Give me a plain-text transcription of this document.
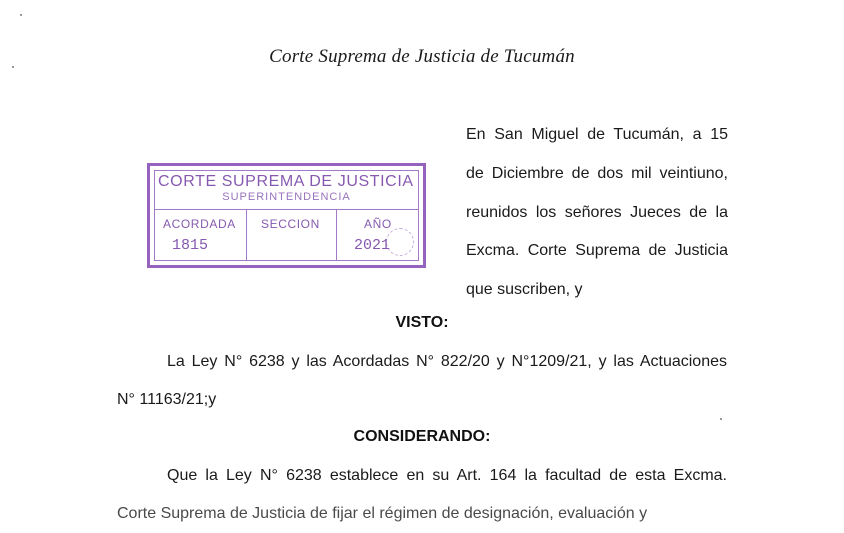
Corte Suprema de Justicia de Tucumán
En San Miguel de Tucumán, a 15
de Diciembre de dos mil veintiuno,
reunidos los señores Jueces de la
Excma. Corte Suprema de Justicia
que suscriben, y
CORTE SUPREMA DE JUSTICIA
SUPERINTENDENCIA
ACORDADA SECCION	AÑO
1815	2021
VISTO:
La Ley N° 6238 y las Acordadas N° 822/20 y N°1209/21, y las Actuaciones
N° 11163/21;y
CONSIDERANDO:
Que la Ley N° 6238 establece en su Art. 164 la facultad de esta Excma.
Corte Suprema de Justicia de fijar el régimen de designación, evaluación y
